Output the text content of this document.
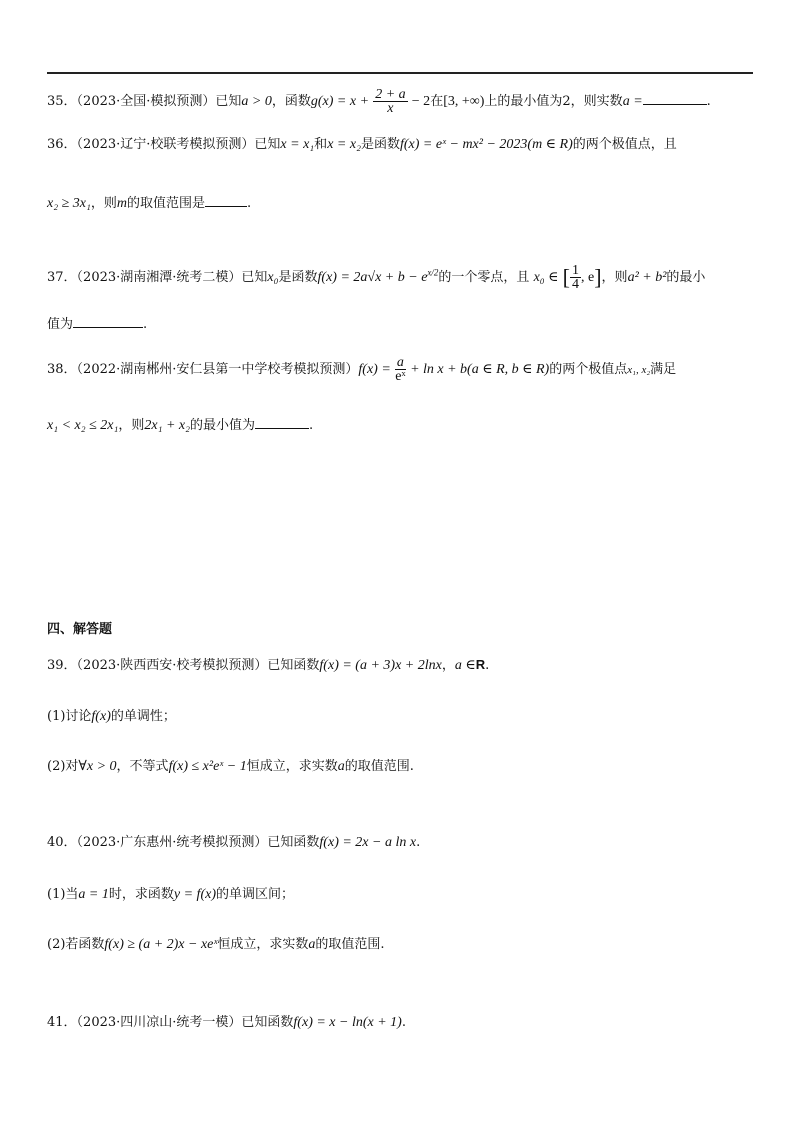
35．（2023·全国·模拟预测）已知a > 0，函数$g(x) = x + \frac{2 + a}{x} - 2$在[3, +∞)上的最小值为2，则实数a =	.
36．（2023·辽宁·校联考模拟预测）已知x = x₁和x = x₂是函数f(x) = eˣ − mx² − 2023(m ∈ R)的两个极值点，且
x₂ ≥ 3x₁，则m的取值范围是	.
37．（2023·湖南湘潭·统考二模）已知x₀是函数$f(x) = 2a√x + b - e^{x/2}$的一个零点，且 x₀ ∈ [ $\frac{1}{4}$ , e]，则a² + b²的最小
值为	.
38．（2022·湖南郴州·安仁县第一中学校考模拟预测）$f(x) = \frac{a}{\text{eˣ}} + \ln x + b(a$ ∈ R, b ∈ R)的两个极值点x₁, x₂满足
x₁ < x₂ ≤ 2x₁，则2x₁ + x₂的最小值为	.
四、解答题
39．（2023·陕西西安·校考模拟预测）已知函数f(x) = (a + 3)x + 2lnx，a ∈R.
(1)讨论f(x)的单调性；
(2)对∀x > 0，不等式f(x) ≤ x²eˣ − 1恒成立，求实数a的取值范围.
40．（2023·广东惠州·统考模拟预测）已知函数f(x) = 2x − a ln x.
(1)当a = 1时，求函数y = f(x)的单调区间；
(2)若函数f(x) ≥ (a + 2)x − xeˣ恒成立，求实数a的取值范围.
41．（2023·四川凉山·统考一模）已知函数f(x) = x − ln(x + 1).
